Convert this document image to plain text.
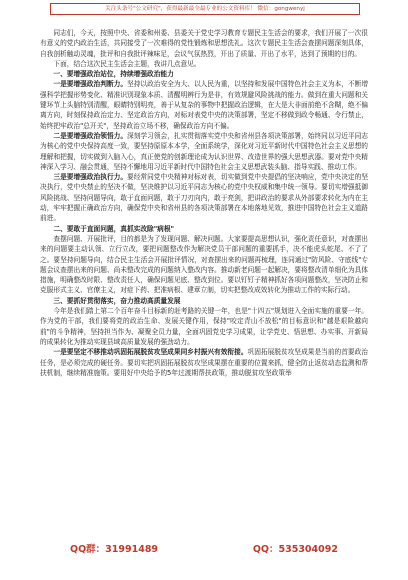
关注头条号"公文研究"，获得最新最全最专业的公文资料库！ 微信：gongwenyj

同志们，今天，按照中央、省委和州委、县委关于党史学习教育专题民主生活会的要求，我们开展了一次很有意义的党内政治生活，共同接受了一次难得的党性锻炼和思想洗礼。这次专题民主生活会查摆问题深刻具体，自我剖析触动灵魂，批评和自我批评辣味足，会议气氛热烈，开出了质量、开出了水平，达到了预期的目的。

下面，结合这次民主生活会主题，我讲几点意见。

一、要增强政治站位，持续增强政治能力

一是要增强政治判断力。坚持以政治安全为大、以人民为重，以坚持和发展中国特色社会主义为本，不断增强科学把握形势变化、精准识别现象本质、清醒明辨行为是非，有效规避风险挑战的能力。做到在重大问题和关键环节上头脑特别清醒，眼睛特别明亮，善于从复杂的事物中把握政治逻辑，在大是大非面前绝不含糊，绝不偏离方向，时刻保持政治定力、坚定政治方向，对标对表党中央的决策部署，坚定不移做到政令畅通、令行禁止，始终把牢政治"总开关"，坚持政治立场不移，确保政治方向不偏。

二是要增强政治领悟力。深刻学习领会，扎实贯彻落实党中央和省州县各项决策部署，始终同以习近平同志为核心的党中央保持高度一致，要坚持原原本本学，全面系统学，深化对习近平新时代中国特色社会主义思想的理解和把握，切实做到入脑入心，真正使党的创新理论成为认识世界、改造世界的强大思想武器。要对党中央精神深入学习、融会贯通，坚持不懈地用习近平新时代中国特色社会主义思想武装头脑、指导实践、推动工作。

三是要增强政治执行力。要经常同党中央精神对标对表，切实做到党中央提倡的坚决响应，党中央决定的坚决执行，党中央禁止的坚决不做，坚决维护以习近平同志为核心的党中央权威和集中统一领导。要切实增强抵御风险挑战、坚持问题导向，敢于直面问题，敢于刀刃向内，敢于亮剑，把讲政治的要求从外部要求转化为内在主动，牢牢把握正确政治方向，确保党中央和省州县的各项决策部署在本地落地见效，推进中国特色社会主义道路前进。

二、要敢于直面问题，真抓实改除"病根"

查摆问题、开展批评，目的都是为了发现问题、解决问题。大家要提高思想认识，强化责任意识，对查摆出来的问题要主动认领、立行立改，要把问题整改作为解决党员干部问题的重要抓手，决不能虎头蛇尾、不了了之。要坚持问题导向，结合民主生活会开展批评情况，对查摆出来的问题再梳理，连同通过"防风险、守底线"专题会议查摆出来的问题、尚未整改完成的问题纳入整改内容。推动新老问题一起解决，要将整改清单细化为具体措施，明确整改时限、整改责任人，确保问题见底、整改到位。要以钉钉子精神抓好各项问题整改，坚决防止和克服形式主义、官僚主义，对症下药、把准病根、建章立制，切实把整改成效转化为推动工作的实际行动。

三、要抓好贯彻落实，奋力推动高质量发展

今年是我们踏上第二个百年奋斗目标新的赶考路的关键一年，也是"十四五"规划进入全面实施的重要一年。作为党的干部，我们要将党的政治生命、发展关键作用，保持"咬定青山不放松"的目标意识和"越是艰险越向前"的斗争精神，坚持担当作为、凝聚全员力量，全面巩固党史学习成果，让学党史、悟思想、办实事、开新局的成果转化为推动实现县域高质量发展的强劲动力。

一是要坚定不移推动巩固拓展脱贫攻坚成果同乡村振兴有效衔接。巩固拓展脱贫攻坚成果是当前的首要政治任务，是必须完成的硬任务。要切实把巩固拓展脱贫攻坚成果摆在重要的位置来抓，健全防止返贫动态监测和帮扶机制，继续精准施策。要用好中央给予的5年过渡期帮扶政策，推动脱贫攻坚政策举

QQ群：31991489	QQ：535304092
